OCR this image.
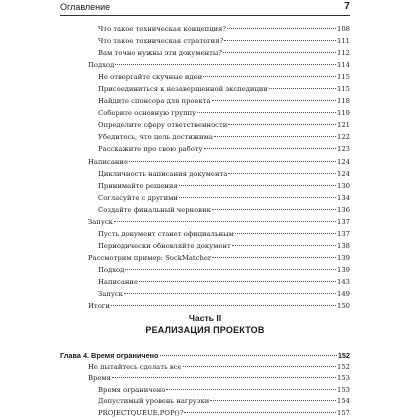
Оглавление	7
Что такое техническая концепция?	108
Что такое техническая стратегия?	111
Вам точно нужны эти документы?	112
Подход	114
Не отвергайте скучные идеи	115
Присоединиться к незавершенной экспедиции	115
Найдите спонсора для проекта	118
Соберите основную группу	119
Определите сферу ответственности	121
Убедитесь, что цель достижима	122
Расскажите про свою работу	123
Написание	124
Цикличность написания документа	124
Принимайте решения	130
Согласуйте с другими	134
Создайте финальный черновик	136
Запуск	137
Пусть документ станет официальным	137
Периодически обновляйте документ	138
Рассмотрим пример: SockMatcher	139
Подход	139
Написание	143
Запуск	149
Итоги	150
Часть II
РЕАЛИЗАЦИЯ ПРОЕКТОВ
Глава 4. Время ограничено	152
Не пытайтесь сделать все	152
Время	153
Время ограничено	153
Допустимый уровень нагрузки	154
PROJECTQUEUE.POP()?	157
